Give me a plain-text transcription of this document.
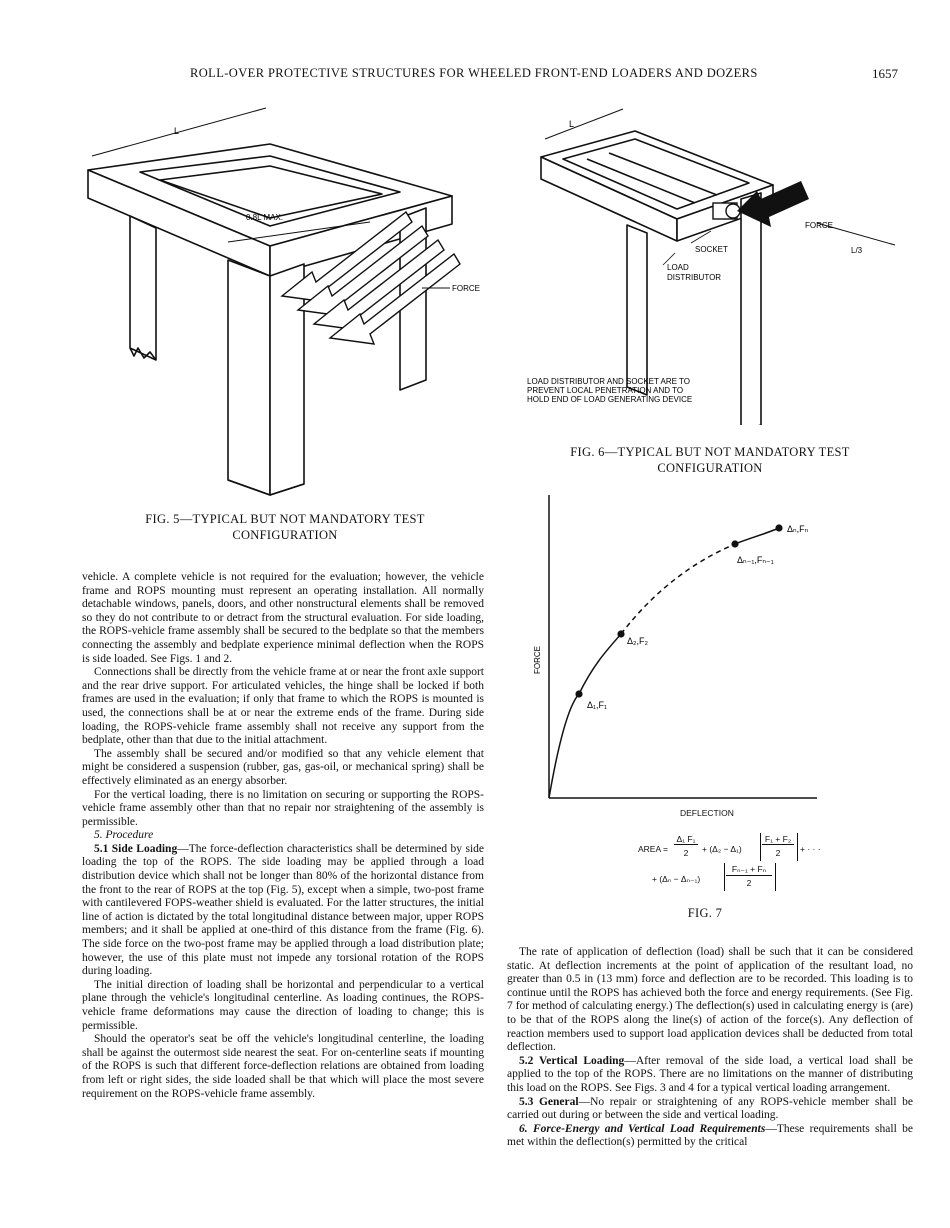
ROLL-OVER PROTECTIVE STRUCTURES FOR WHEELED FRONT-END LOADERS AND DOZERS	1657
L
0.8L MAX.
FORCE
FIG. 5—TYPICAL BUT NOT MANDATORY TEST
CONFIGURATION
FORCE
L/3
L
SOCKET
LOAD
DISTRIBUTOR
LOAD DISTRIBUTOR AND SOCKET ARE TO
PREVENT LOCAL PENETRATION AND TO
HOLD END OF LOAD GENERATING DEVICE
FIG. 6—TYPICAL BUT NOT MANDATORY TEST
CONFIGURATION
Δ₁,F₁
Δ₂,F₂
Δₙ₋₁,Fₙ₋₁
Δₙ,Fₙ
FORCE
DEFLECTION
AREA =
Δ₁ F₁
2	+ (Δ₂ − Δ₁)
F₁ + F₂
2	+ · · ·
+ (Δₙ − Δₙ₋₁)
Fₙ₋₁ + Fₙ
2
FIG. 7

vehicle. A complete vehicle is not required for the evaluation; however, the vehicle frame and ROPS mounting must represent an operating installation. All normally detachable windows, panels, doors, and other nonstructural elements shall be removed so they do not contribute to or detract from the structural evaluation. For side loading, the ROPS-vehicle frame assembly shall be secured to the bedplate so that the members connecting the assembly and bedplate experience minimal deflection when the ROPS is side loaded. See Figs. 1 and 2.

Connections shall be directly from the vehicle frame at or near the front axle support and the rear drive support. For articulated vehicles, the hinge shall be locked if both frames are used in the evaluation; if only that frame to which the ROPS is mounted is used, the connections shall be at or near the extreme ends of the frame. During side loading, the ROPS-vehicle frame assembly shall not receive any support from the bedplate, other than that due to the initial attachment.

The assembly shall be secured and/or modified so that any vehicle element that might be considered a suspension (rubber, gas, gas-oil, or mechanical spring) shall be effectively eliminated as an energy absorber.

For the vertical loading, there is no limitation on securing or supporting the ROPS-vehicle frame assembly other than that no repair nor straightening of the assembly is permissible.

5. Procedure

5.1 Side Loading—The force-deflection characteristics shall be determined by side loading the top of the ROPS. The side loading may be applied through a load distribution device which shall not be longer than 80% of the horizontal distance from the front to the rear of ROPS at the top (Fig. 5), except when a simple, two-post frame with cantilevered FOPS-weather shield is evaluated. For the latter structures, the initial line of action is dictated by the total longitudinal distance between major, upper ROPS members; and it shall be applied at one-third of this distance from the frame (Fig. 6). The side force on the two-post frame may be applied through a load distribution plate; however, the use of this plate must not impede any torsional rotation of the ROPS during loading.

The initial direction of loading shall be horizontal and perpendicular to a vertical plane through the vehicle's longitudinal centerline. As loading continues, the ROPS-vehicle frame deformations may cause the direction of loading to change; this is permissible.

Should the operator's seat be off the vehicle's longitudinal centerline, the loading shall be against the outermost side nearest the seat. For on-centerline seats if mounting of the ROPS is such that different force-deflection relations are obtained from loading from left or right sides, the side loaded shall be that which will place the most severe requirement on the ROPS-vehicle frame assembly.

The rate of application of deflection (load) shall be such that it can be considered static. At deflection increments at the point of application of the resultant load, no greater than 0.5 in (13 mm) force and deflection are to be recorded. This loading is to continue until the ROPS has achieved both the force and energy requirements. (See Fig. 7 for method of calculating energy.) The deflection(s) used in calculating energy is (are) to be that of the ROPS along the line(s) of action of the force(s). Any deflection of reaction members used to support load application devices shall be deducted from total deflection.

5.2 Vertical Loading—After removal of the side load, a vertical load shall be applied to the top of the ROPS. There are no limitations on the manner of distributing this load on the ROPS. See Figs. 3 and 4 for a typical vertical loading arrangement.

5.3 General—No repair or straightening of any ROPS-vehicle member shall be carried out during or between the side and vertical loading.

6. Force-Energy and Vertical Load Requirements—These requirements shall be met within the deflection(s) permitted by the critical
